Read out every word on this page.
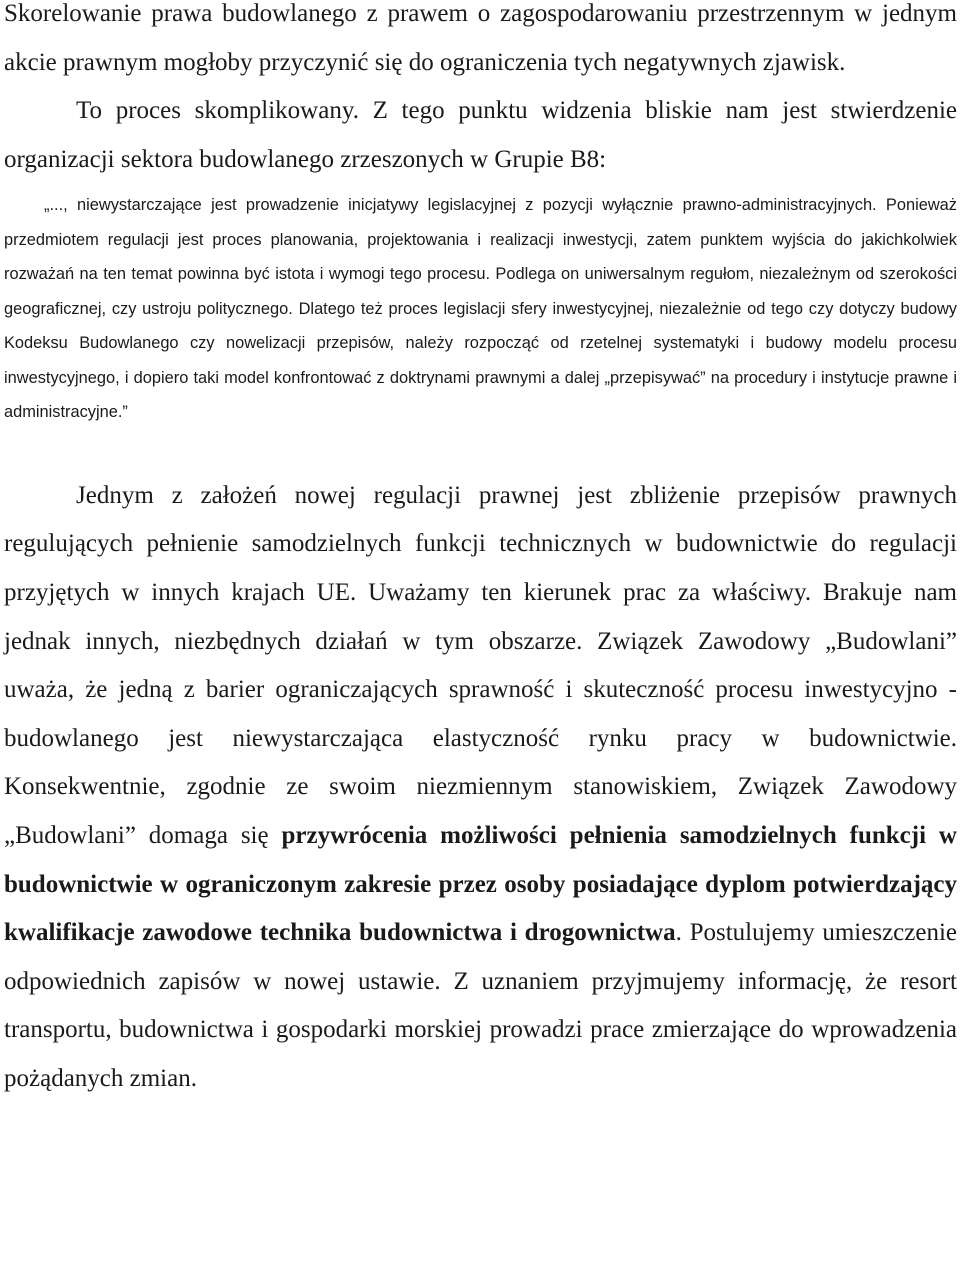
Skorelowanie prawa budowlanego z prawem o zagospodarowaniu przestrzennym w jednym akcie prawnym mogłoby przyczynić się do ograniczenia tych negatywnych zjawisk.

To proces skomplikowany. Z tego punktu widzenia bliskie nam jest stwierdzenie organizacji sektora budowlanego zrzeszonych w Grupie B8:

„..., niewystarczające jest prowadzenie inicjatywy legislacyjnej z pozycji wyłącznie prawno-administracyjnych. Ponieważ przedmiotem regulacji jest proces planowania, projektowania i realizacji inwestycji, zatem punktem wyjścia do jakichkolwiek rozważań na ten temat powinna być istota i wymogi tego procesu. Podlega on uniwersalnym regułom, niezależnym od szerokości geograficznej, czy ustroju politycznego. Dlatego też proces legislacji sfery inwestycyjnej, niezależnie od tego czy dotyczy budowy Kodeksu Budowlanego czy nowelizacji przepisów, należy rozpocząć od rzetelnej systematyki i budowy modelu procesu inwestycyjnego, i dopiero taki model konfrontować z doktrynami prawnymi a dalej „przepisywać” na procedury i instytucje prawne i administracyjne.”

Jednym z założeń nowej regulacji prawnej jest zbliżenie przepisów prawnych regulujących pełnienie samodzielnych funkcji technicznych w budownictwie do regulacji przyjętych w innych krajach UE. Uważamy ten kierunek prac za właściwy. Brakuje nam jednak innych, niezbędnych działań w tym obszarze. Związek Zawodowy „Budowlani” uważa, że jedną z barier ograniczających sprawność i skuteczność procesu inwestycyjno - budowlanego jest niewystarczająca elastyczność rynku pracy w budownictwie. Konsekwentnie, zgodnie ze swoim niezmiennym stanowiskiem, Związek Zawodowy „Budowlani” domaga się przywrócenia możliwości pełnienia samodzielnych funkcji w budownictwie w ograniczonym zakresie przez osoby posiadające dyplom potwierdzający kwalifikacje zawodowe technika budownictwa i drogownictwa. Postulujemy umieszczenie odpowiednich zapisów w nowej ustawie. Z uznaniem przyjmujemy informację, że resort transportu, budownictwa i gospodarki morskiej prowadzi prace zmierzające do wprowadzenia pożądanych zmian.
